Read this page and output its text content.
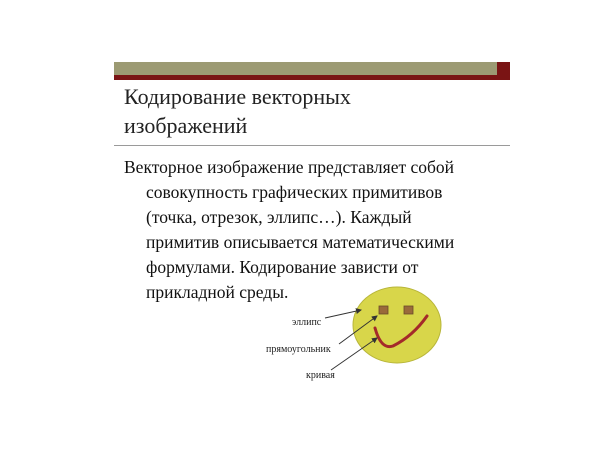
Кодирование векторных
изображений

Векторное изображение представляет собой
совокупность графических примитивов
(точка, отрезок, эллипс…). Каждый
примитив описывается математическими
формулами. Кодирование зависти от
прикладной среды.

эллипс
прямоугольник
кривая
